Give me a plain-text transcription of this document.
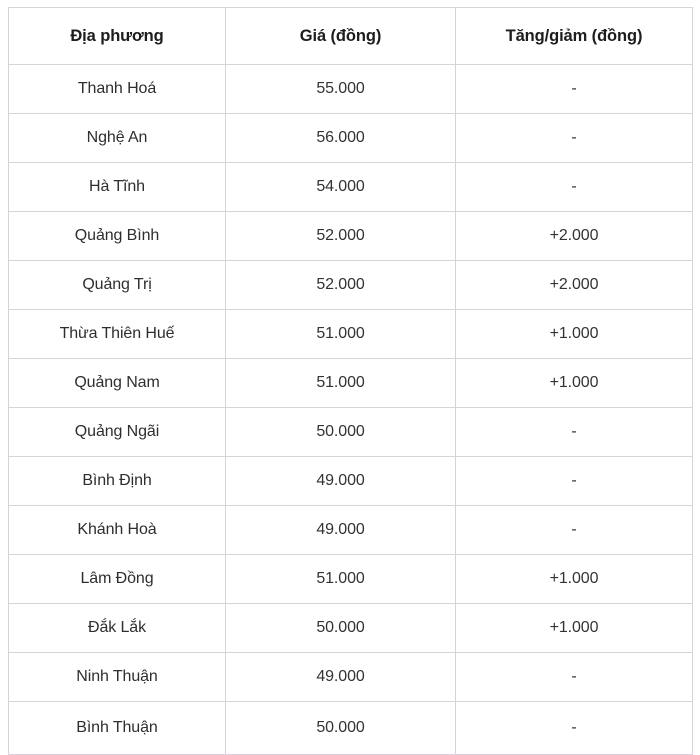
Địa phương	Giá (đồng)	Tăng/giảm (đồng)
Thanh Hoá	55.000	-
Nghệ An	56.000	-
Hà Tĩnh	54.000	-
Quảng Bình	52.000	+2.000
Quảng Trị	52.000	+2.000
Thừa Thiên Huế	51.000	+1.000
Quảng Nam	51.000	+1.000
Quảng Ngãi	50.000	-
Bình Định	49.000	-
Khánh Hoà	49.000	-
Lâm Đồng	51.000	+1.000
Đắk Lắk	50.000	+1.000
Ninh Thuận	49.000	-
Bình Thuận	50.000	-
